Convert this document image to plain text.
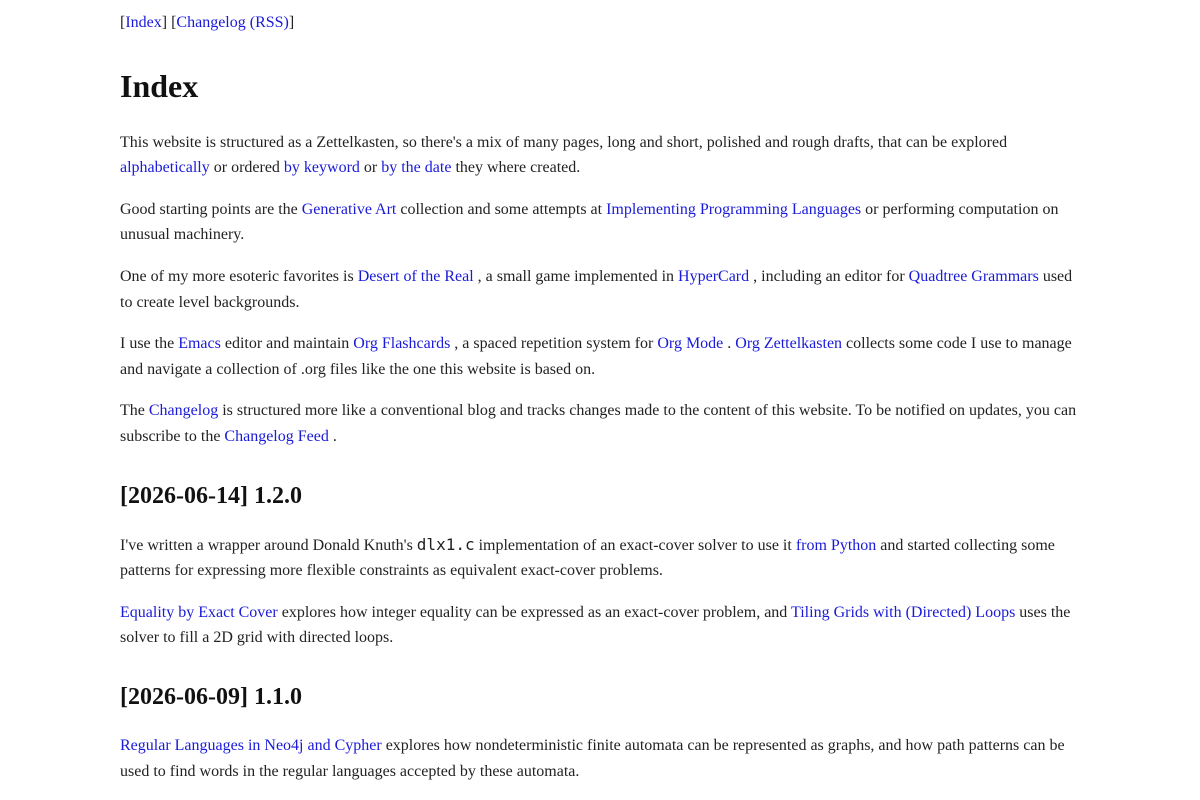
[Index] [Changelog (RSS)]
Index

This website is structured as a Zettelkasten, so there's a mix of many pages, long and short, polished and rough drafts, that can be explored alphabetically or ordered by keyword or by the date they where created.

Good starting points are the Generative Art collection and some attempts at Implementing Programming Languages or performing computation on unusual machinery.

One of my more esoteric favorites is Desert of the Real , a small game implemented in HyperCard , including an editor for Quadtree Grammars used to create level backgrounds.

I use the Emacs editor and maintain Org Flashcards , a spaced repetition system for Org Mode . Org Zettelkasten collects some code I use to manage and navigate a collection of .org files like the one this website is based on.

The Changelog is structured more like a conventional blog and tracks changes made to the content of this website. To be notified on updates, you can subscribe to the Changelog Feed .

[2026-06-14] 1.2.0

I've written a wrapper around Donald Knuth's dlx1.c implementation of an exact-cover solver to use it from Python and started collecting some patterns for expressing more flexible constraints as equivalent exact-cover problems.

Equality by Exact Cover explores how integer equality can be expressed as an exact-cover problem, and Tiling Grids with (Directed) Loops uses the solver to fill a 2D grid with directed loops.

[2026-06-09] 1.1.0

Regular Languages in Neo4j and Cypher explores how nondeterministic finite automata can be represented as graphs, and how path patterns can be used to find words in the regular languages accepted by these automata.
